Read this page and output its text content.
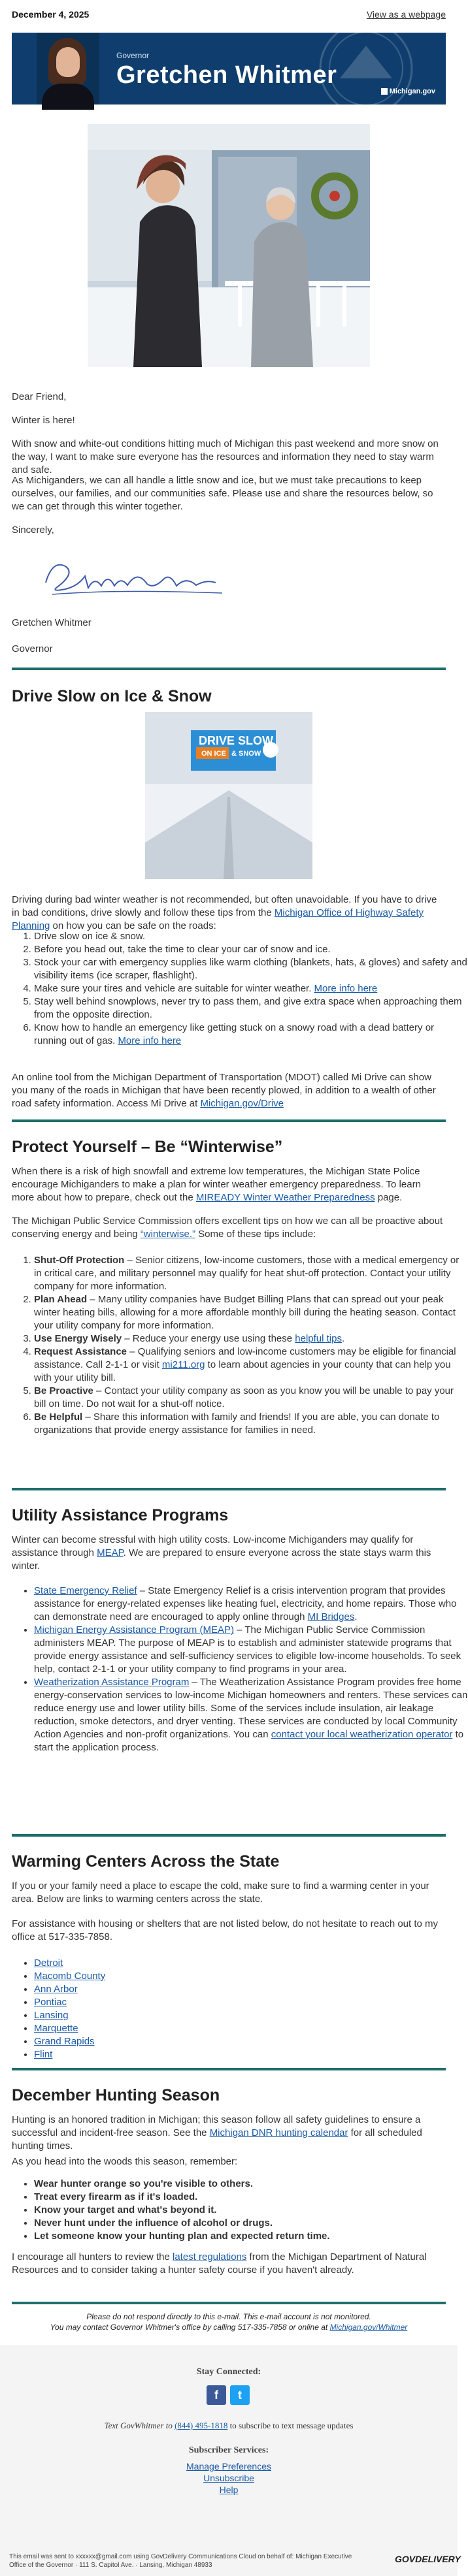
December 4, 2025	View as a webpage
Governor
Gretchen Whitmer
Michigan.gov

Dear Friend,

Winter is here!

With snow and white-out conditions hitting much of Michigan this past weekend and more snow on the way, I want to make sure everyone has the resources and information they need to stay warm and safe.

As Michiganders, we can all handle a little snow and ice, but we must take precautions to keep ourselves, our families, and our communities safe. Please use and share the resources below, so we can get through this winter together.

Sincerely,

Gretchen Whitmer

Governor

Drive Slow on Ice & Snow
DRIVE SLOW
ON ICE & SNOW

Driving during bad winter weather is not recommended, but often unavoidable. If you have to drive in bad conditions, drive slowly and follow these tips from the Michigan Office of Highway Safety Planning on how you can be safe on the roads:

1. Drive slow on ice & snow.
2. Before you head out, take the time to clear your car of snow and ice.
3. Stock your car with emergency supplies like warm clothing (blankets, hats, & gloves) and safety and visibility items (ice scraper, flashlight).
4. Make sure your tires and vehicle are suitable for winter weather. More info here
5. Stay well behind snowplows, never try to pass them, and give extra space when approaching them from the opposite direction.
6. Know how to handle an emergency like getting stuck on a snowy road with a dead battery or running out of gas. More info here

An online tool from the Michigan Department of Transportation (MDOT) called Mi Drive can show you many of the roads in Michigan that have been recently plowed, in addition to a wealth of other road safety information. Access Mi Drive at Michigan.gov/Drive

Protect Yourself – Be “Winterwise”

When there is a risk of high snowfall and extreme low temperatures, the Michigan State Police encourage Michiganders to make a plan for winter weather emergency preparedness. To learn more about how to prepare, check out the MIREADY Winter Weather Preparedness page.

The Michigan Public Service Commission offers excellent tips on how we can all be proactive about conserving energy and being “winterwise.” Some of these tips include:

1. Shut-Off Protection – Senior citizens, low-income customers, those with a medical emergency or in critical care, and military personnel may qualify for heat shut-off protection. Contact your utility company for more information.
2. Plan Ahead – Many utility companies have Budget Billing Plans that can spread out your peak winter heating bills, allowing for a more affordable monthly bill during the heating season. Contact your utility company for more information.
3. Use Energy Wisely – Reduce your energy use using these helpful tips.
4. Request Assistance – Qualifying seniors and low-income customers may be eligible for financial assistance. Call 2-1-1 or visit mi211.org to learn about agencies in your county that can help you with your utility bill.
5. Be Proactive – Contact your utility company as soon as you know you will be unable to pay your bill on time. Do not wait for a shut-off notice.
6. Be Helpful – Share this information with family and friends! If you are able, you can donate to organizations that provide energy assistance for families in need.
Utility Assistance Programs

Winter can become stressful with high utility costs. Low-income Michiganders may qualify for assistance through MEAP. We are prepared to ensure everyone across the state stays warm this winter.

• State Emergency Relief – State Emergency Relief is a crisis intervention program that provides assistance for energy-related expenses like heating fuel, electricity, and home repairs. Those who can demonstrate need are encouraged to apply online through MI Bridges.
• Michigan Energy Assistance Program (MEAP) – The Michigan Public Service Commission administers MEAP. The purpose of MEAP is to establish and administer statewide programs that provide energy assistance and self-sufficiency services to eligible low-income households. To seek help, contact 2-1-1 or your utility company to find programs in your area.
• Weatherization Assistance Program – The Weatherization Assistance Program provides free home energy-conservation services to low-income Michigan homeowners and renters. These services can reduce energy use and lower utility bills. Some of the services include insulation, air leakage reduction, smoke detectors, and dryer venting. These services are conducted by local Community Action Agencies and non-profit organizations. You can contact your local weatherization operator to start the application process.
Warming Centers Across the State

If you or your family need a place to escape the cold, make sure to find a warming center in your area. Below are links to warming centers across the state.

For assistance with housing or shelters that are not listed below, do not hesitate to reach out to my office at 517-335-7858.

• Detroit
• Macomb County
• Ann Arbor
• Pontiac
• Lansing
• Marquette
• Grand Rapids
• Flint
December Hunting Season

Hunting is an honored tradition in Michigan; this season follow all safety guidelines to ensure a successful and incident-free season. See the Michigan DNR hunting calendar for all scheduled hunting times.

As you head into the woods this season, remember:

• Wear hunter orange so you're visible to others.
• Treat every firearm as if it's loaded.
• Know your target and what's beyond it.
• Never hunt under the influence of alcohol or drugs.
• Let someone know your hunting plan and expected return time.

I encourage all hunters to review the latest regulations from the Michigan Department of Natural Resources and to consider taking a hunter safety course if you haven't already.

Please do not respond directly to this e-mail. This e-mail account is not monitored.
You may contact Governor Whitmer's office by calling 517-335-7858 or online at Michigan.gov/Whitmer
Stay Connected:
f	t
Text GovWhitmer to (844) 495-1818 to subscribe to text message updates
Subscriber Services:
Manage Preferences
Unsubscribe
Help
This email was sent to xxxxxx@gmail.com using GovDelivery Communications Cloud on behalf of: Michigan Executive Office of the Governor · 111 S. Capitol Ave. · Lansing, Michigan 48933
GOVDELIVERY
